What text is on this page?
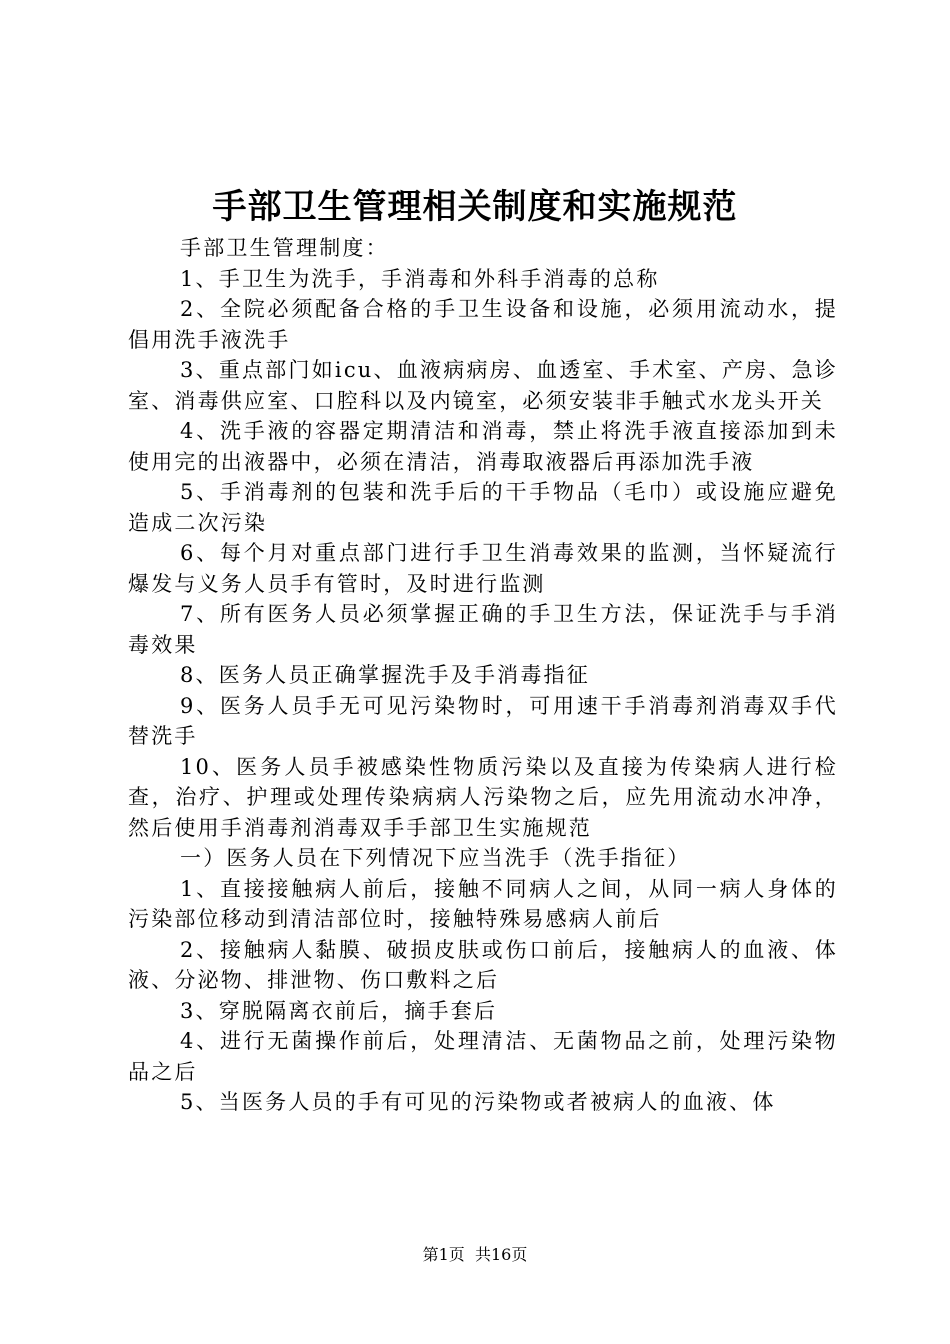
手部卫生管理相关制度和实施规范

手部卫生管理制度：

1、手卫生为洗手，手消毒和外科手消毒的总称

2、全院必须配备合格的手卫生设备和设施，必须用流动水，提倡用洗手液洗手

3、重点部门如icu、血液病病房、血透室、手术室、产房、急诊室、消毒供应室、口腔科以及内镜室，必须安装非手触式水龙头开关

4、洗手液的容器定期清洁和消毒，禁止将洗手液直接添加到未使用完的出液器中，必须在清洁，消毒取液器后再添加洗手液

5、手消毒剂的包装和洗手后的干手物品（毛巾）或设施应避免造成二次污染

6、每个月对重点部门进行手卫生消毒效果的监测，当怀疑流行爆发与义务人员手有管时，及时进行监测

7、所有医务人员必须掌握正确的手卫生方法，保证洗手与手消毒效果

8、医务人员正确掌握洗手及手消毒指征

9、医务人员手无可见污染物时，可用速干手消毒剂消毒双手代替洗手

10、医务人员手被感染性物质污染以及直接为传染病人进行检查，治疗、护理或处理传染病病人污染物之后，应先用流动水冲净，然后使用手消毒剂消毒双手手部卫生实施规范

一）医务人员在下列情况下应当洗手（洗手指征）

1、直接接触病人前后，接触不同病人之间，从同一病人身体的污染部位移动到清洁部位时，接触特殊易感病人前后

2、接触病人黏膜、破损皮肤或伤口前后，接触病人的血液、体液、分泌物、排泄物、伤口敷料之后

3、穿脱隔离衣前后，摘手套后

4、进行无菌操作前后，处理清洁、无菌物品之前，处理污染物品之后

5、当医务人员的手有可见的污染物或者被病人的血液、体

第1页 共16页
